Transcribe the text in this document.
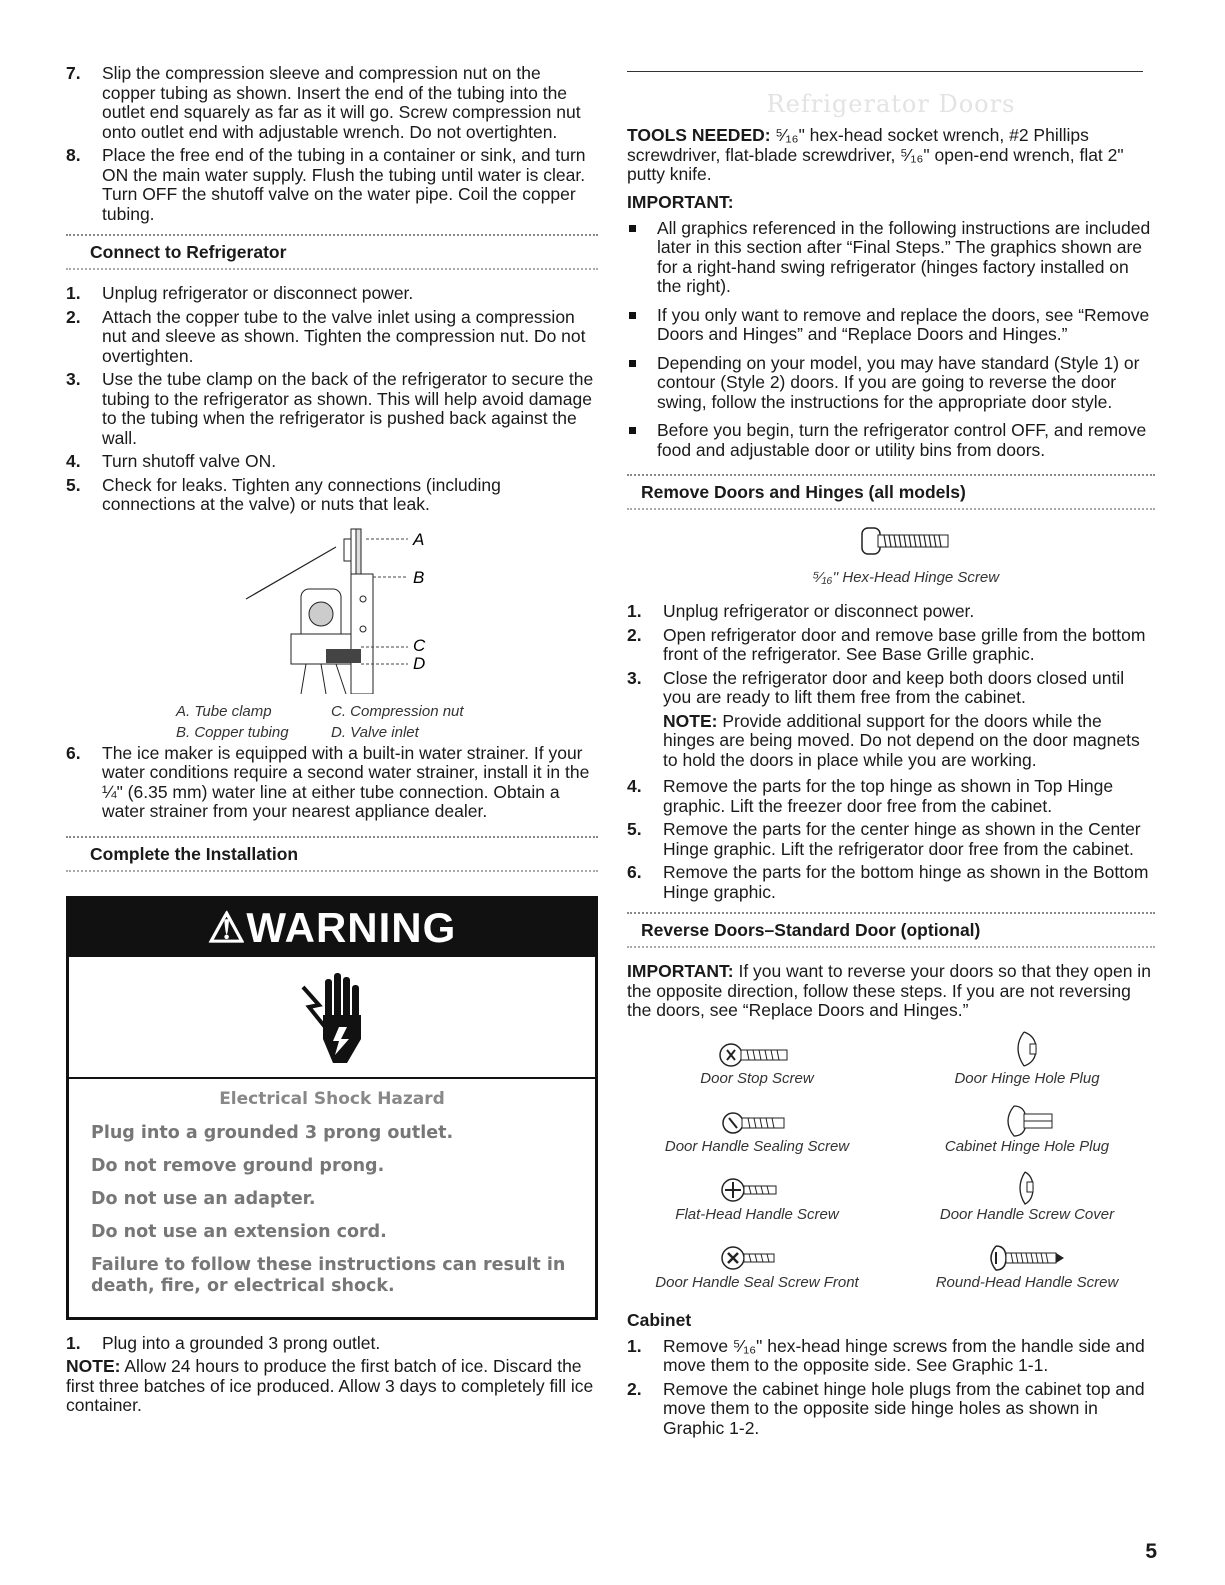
7. Slip the compression sleeve and compression nut on the copper tubing as shown. Insert the end of the tubing into the outlet end squarely as far as it will go. Screw compression nut onto outlet end with adjustable wrench. Do not overtighten.
8. Place the free end of the tubing in a container or sink, and turn ON the main water supply. Flush the tubing until water is clear. Turn OFF the shutoff valve on the water pipe. Coil the copper tubing.
Connect to Refrigerator
1. Unplug refrigerator or disconnect power.
2. Attach the copper tube to the valve inlet using a compression nut and sleeve as shown. Tighten the compression nut. Do not overtighten.
3. Use the tube clamp on the back of the refrigerator to secure the tubing to the refrigerator as shown. This will help avoid damage to the tubing when the refrigerator is pushed back against the wall.
4. Turn shutoff valve ON.
5. Check for leaks. Tighten any connections (including connections at the valve) or nuts that leak.
A
B
C
D
A. Tube clamp
B. Copper tubing
C. Compression nut
D. Valve inlet
6. The ice maker is equipped with a built-in water strainer. If your water conditions require a second water strainer, install it in the ¼" (6.35 mm) water line at either tube connection. Obtain a water strainer from your nearest appliance dealer.
Complete the Installation
⚠WARNING
Electrical Shock Hazard
Plug into a grounded 3 prong outlet.
Do not remove ground prong.
Do not use an adapter.
Do not use an extension cord.
Failure to follow these instructions can result in death, fire, or electrical shock.
1. Plug into a grounded 3 prong outlet.

NOTE: Allow 24 hours to produce the first batch of ice. Discard the first three batches of ice produced. Allow 3 days to completely fill ice container.

Refrigerator Doors

TOOLS NEEDED: ⁵⁄₁₆" hex-head socket wrench, #2 Phillips screwdriver, flat-blade screwdriver, ⁵⁄₁₆" open-end wrench, flat 2" putty knife.

IMPORTANT:
All graphics referenced in the following instructions are included later in this section after “Final Steps.” The graphics shown are for a right-hand swing refrigerator (hinges factory installed on the right).
If you only want to remove and replace the doors, see “Remove Doors and Hinges” and “Replace Doors and Hinges.”
Depending on your model, you may have standard (Style 1) or contour (Style 2) doors. If you are going to reverse the door swing, follow the instructions for the appropriate door style.
Before you begin, turn the refrigerator control OFF, and remove food and adjustable door or utility bins from doors.
Remove Doors and Hinges (all models)
⁵⁄₁₆'' Hex-Head Hinge Screw
1. Unplug refrigerator or disconnect power.
2. Open refrigerator door and remove base grille from the bottom front of the refrigerator. See Base Grille graphic.
3. Close the refrigerator door and keep both doors closed until you are ready to lift them free from the cabinet.

NOTE: Provide additional support for the doors while the hinges are being moved. Do not depend on the door magnets to hold the doors in place while you are working.

4. Remove the parts for the top hinge as shown in Top Hinge graphic. Lift the freezer door free from the cabinet.
5. Remove the parts for the center hinge as shown in the Center Hinge graphic. Lift the refrigerator door free from the cabinet.
6. Remove the parts for the bottom hinge as shown in the Bottom Hinge graphic.
Reverse Doors–Standard Door (optional)

IMPORTANT: If you want to reverse your doors so that they open in the opposite direction, follow these steps. If you are not reversing the doors, see “Replace Doors and Hinges.”

Door Stop Screw	Door Hinge Hole Plug
Door Handle Sealing Screw	Cabinet Hinge Hole Plug
Flat-Head Handle Screw	Door Handle Screw Cover
Door Handle Seal Screw Front	Round-Head Handle Screw
Cabinet
1. Remove ⁵⁄₁₆" hex-head hinge screws from the handle side and move them to the opposite side. See Graphic 1-1.
2. Remove the cabinet hinge hole plugs from the cabinet top and move them to the opposite side hinge holes as shown in Graphic 1-2.
5
